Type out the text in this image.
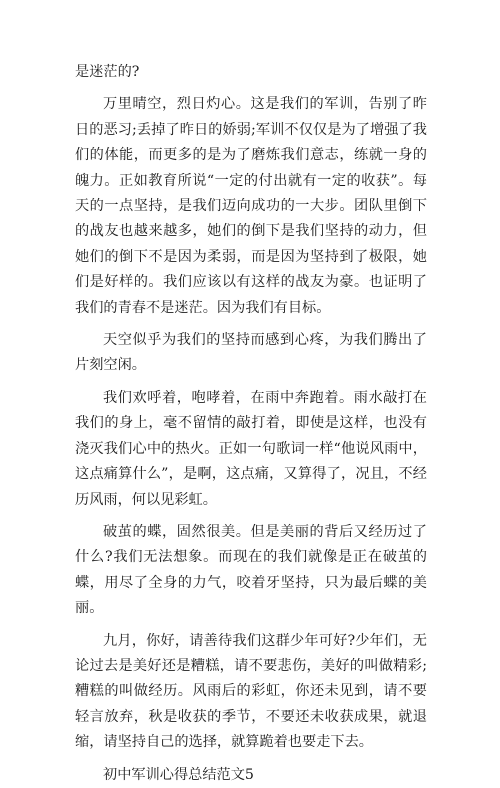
是迷茫的?

万里晴空，烈日灼心。这是我们的军训，告别了昨日的恶习;丢掉了昨日的娇弱;军训不仅仅是为了增强了我们的体能，而更多的是为了磨炼我们意志，练就一身的魄力。正如教育所说“一定的付出就有一定的收获”。每天的一点坚持，是我们迈向成功的一大步。团队里倒下的战友也越来越多，她们的倒下是我们坚持的动力，但她们的倒下不是因为柔弱，而是因为坚持到了极限，她们是好样的。我们应该以有这样的战友为豪。也证明了我们的青春不是迷茫。因为我们有目标。

天空似乎为我们的坚持而感到心疼，为我们腾出了片刻空闲。

我们欢呼着，咆哮着，在雨中奔跑着。雨水敲打在我们的身上，毫不留情的敲打着，即使是这样，也没有浇灭我们心中的热火。正如一句歌词一样“他说风雨中，这点痛算什么”，是啊，这点痛，又算得了，况且，不经历风雨，何以见彩虹。

破茧的蝶，固然很美。但是美丽的背后又经历过了什么?我们无法想象。而现在的我们就像是正在破茧的蝶，用尽了全身的力气，咬着牙坚持，只为最后蝶的美丽。

九月，你好，请善待我们这群少年可好?少年们，无论过去是美好还是糟糕，请不要悲伤，美好的叫做精彩;糟糕的叫做经历。风雨后的彩虹，你还未见到，请不要轻言放弃，秋是收获的季节，不要还未收获成果，就退缩，请坚持自己的选择，就算跪着也要走下去。

初中军训心得总结范文5
